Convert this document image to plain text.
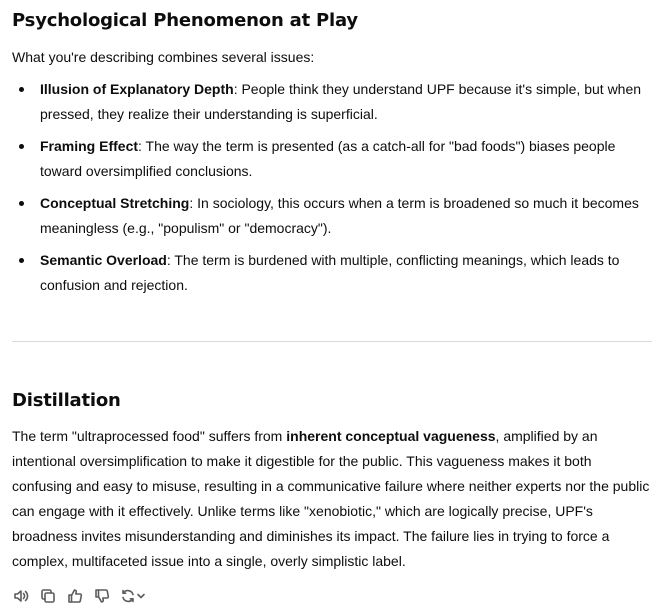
Psychological Phenomenon at Play

What you're describing combines several issues:

Illusion of Explanatory Depth: People think they understand UPF because it's simple, but when pressed, they realize their understanding is superficial.
Framing Effect: The way the term is presented (as a catch-all for "bad foods") biases people toward oversimplified conclusions.
Conceptual Stretching: In sociology, this occurs when a term is broadened so much it becomes meaningless (e.g., "populism" or "democracy").
Semantic Overload: The term is burdened with multiple, conflicting meanings, which leads to confusion and rejection.
Distillation

The term "ultraprocessed food" suffers from inherent conceptual vagueness, amplified by an intentional oversimplification to make it digestible for the public. This vagueness makes it both confusing and easy to misuse, resulting in a communicative failure where neither experts nor the public can engage with it effectively. Unlike terms like "xenobiotic," which are logically precise, UPF's broadness invites misunderstanding and diminishes its impact. The failure lies in trying to force a complex, multifaceted issue into a single, overly simplistic label.
